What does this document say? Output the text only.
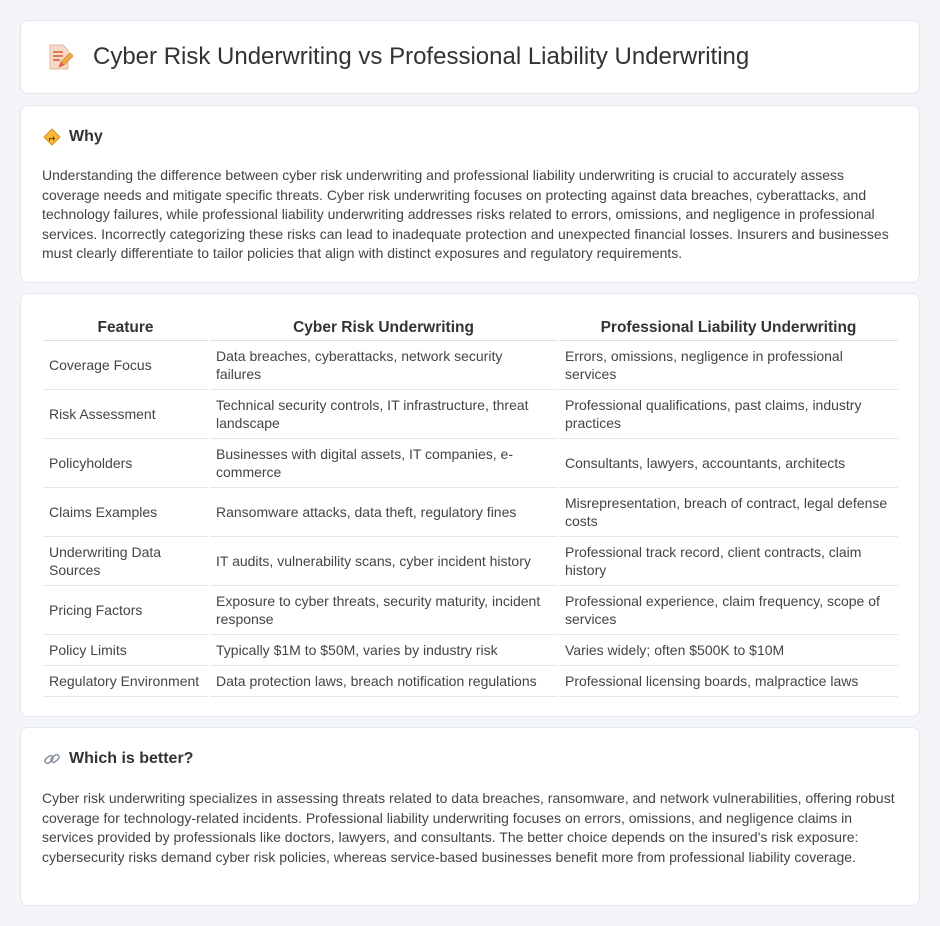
Cyber Risk Underwriting vs Professional Liability Underwriting
Why

Understanding the difference between cyber risk underwriting and professional liability underwriting is crucial to accurately assess coverage needs and mitigate specific threats. Cyber risk underwriting focuses on protecting against data breaches, cyberattacks, and technology failures, while professional liability underwriting addresses risks related to errors, omissions, and negligence in professional services. Incorrectly categorizing these risks can lead to inadequate protection and unexpected financial losses. Insurers and businesses must clearly differentiate to tailor policies that align with distinct exposures and regulatory requirements.

Feature	Cyber Risk Underwriting	Professional Liability Underwriting
Coverage Focus	Data breaches, cyberattacks, network security failures	Errors, omissions, negligence in professional services
Risk Assessment	Technical security controls, IT infrastructure, threat landscape	Professional qualifications, past claims, industry practices
Policyholders	Businesses with digital assets, IT companies, e-commerce	Consultants, lawyers, accountants, architects
Claims Examples	Ransomware attacks, data theft, regulatory fines	Misrepresentation, breach of contract, legal defense costs
Underwriting Data Sources	IT audits, vulnerability scans, cyber incident history	Professional track record, client contracts, claim history
Pricing Factors	Exposure to cyber threats, security maturity, incident response	Professional experience, claim frequency, scope of services
Policy Limits	Typically $1M to $50M, varies by industry risk	Varies widely; often $500K to $10M
Regulatory Environment	Data protection laws, breach notification regulations	Professional licensing boards, malpractice laws
Which is better?

Cyber risk underwriting specializes in assessing threats related to data breaches, ransomware, and network vulnerabilities, offering robust coverage for technology-related incidents. Professional liability underwriting focuses on errors, omissions, and negligence claims in services provided by professionals like doctors, lawyers, and consultants. The better choice depends on the insured's risk exposure: cybersecurity risks demand cyber risk policies, whereas service-based businesses benefit more from professional liability coverage.
